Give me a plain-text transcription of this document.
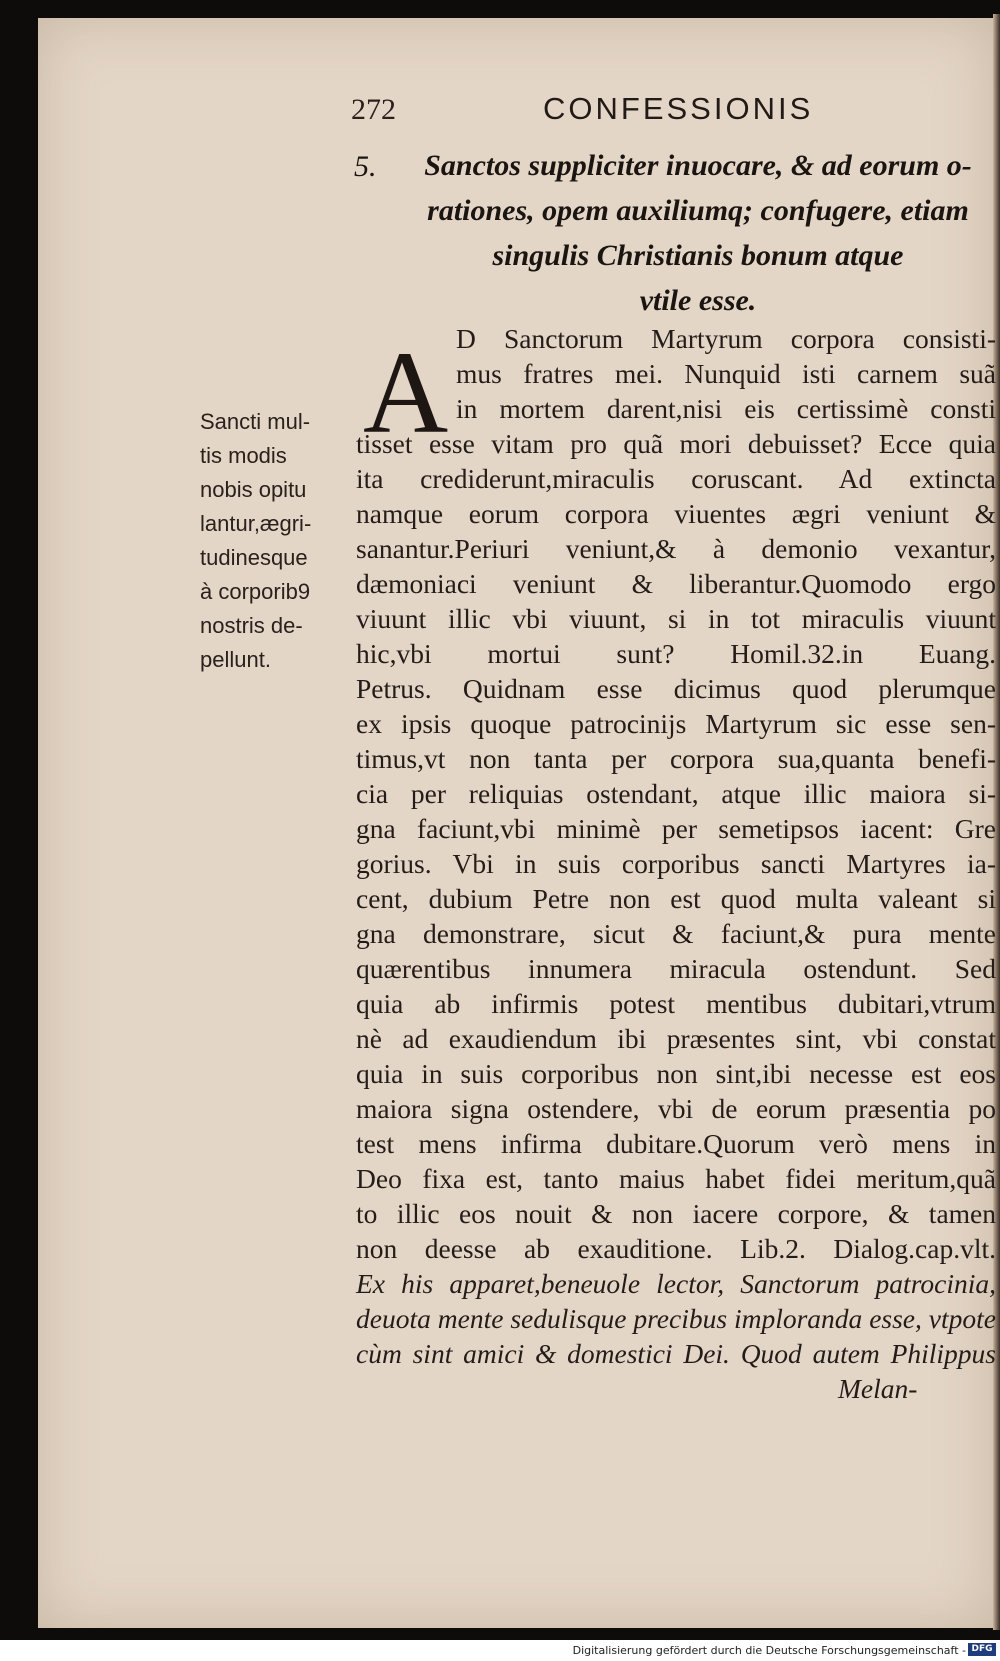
272	CONFESSIONIS
5.	Sanctos suppliciter inuocare, & ad eorum o-
rationes, opem auxiliumq; confugere, etiam
singulis Christianis bonum atque
vtile esse.
A
Sancti mul-
tis modis
nobis opitu
lantur,ægri-
tudinesque
à corporib9
nostris de-
pellunt.
D Sanctorum Martyrum corpora consisti-
mus fratres mei. Nunquid isti carnem suã
in mortem darent,nisi eis certissimè consti
tisset esse vitam pro quã mori debuisset? Ecce quia
ita crediderunt,miraculis coruscant. Ad extincta
namque eorum corpora viuentes ægri veniunt &
sanantur.Periuri veniunt,& à demonio vexantur,
dæmoniaci veniunt & liberantur.Quomodo ergo
viuunt illic vbi viuunt, si in tot miraculis viuunt
hic,vbi mortui sunt? Homil.32.in Euang.
Petrus. Quidnam esse dicimus quod plerumque
ex ipsis quoque patrocinijs Martyrum sic esse sen-
timus,vt non tanta per corpora sua,quanta benefi-
cia per reliquias ostendant, atque illic maiora si-
gna faciunt,vbi minimè per semetipsos iacent: Gre
gorius. Vbi in suis corporibus sancti Martyres ia-
cent, dubium Petre non est quod multa valeant si
gna demonstrare, sicut & faciunt,& pura mente
quærentibus innumera miracula ostendunt. Sed
quia ab infirmis potest mentibus dubitari,vtrum
nè ad exaudiendum ibi præsentes sint, vbi constat
quia in suis corporibus non sint,ibi necesse est eos
maiora signa ostendere, vbi de eorum præsentia po
test mens infirma dubitare.Quorum verò mens in
Deo fixa est, tanto maius habet fidei meritum,quã
to illic eos nouit & non iacere corpore, & tamen
non deesse ab exauditione. Lib.2. Dialog.cap.vlt.
Ex his apparet,beneuole lector, Sanctorum patrocinia,
deuota mente sedulisque precibus imploranda esse, vtpote
cùm sint amici & domestici Dei. Quod autem Philippus
Melan-
Digitalisierung gefördert durch die Deutsche Forschungsgemeinschaft - DFG
